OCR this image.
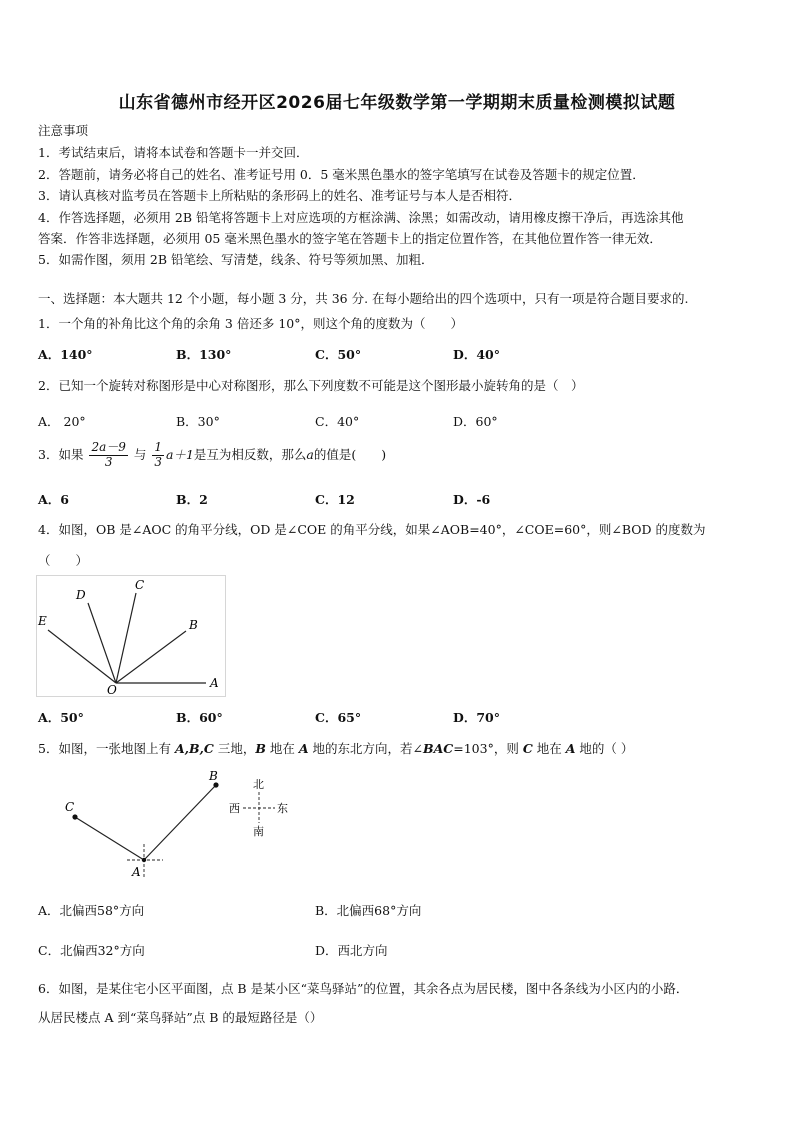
山东省德州市经开区2026届七年级数学第一学期期末质量检测模拟试题
注意事项
1．考试结束后，请将本试卷和答题卡一并交回．
2．答题前，请务必将自己的姓名、准考证号用 0．5 毫米黑色墨水的签字笔填写在试卷及答题卡的规定位置．
3．请认真核对监考员在答题卡上所粘贴的条形码上的姓名、准考证号与本人是否相符．
4．作答选择题，必须用 2B 铅笔将答题卡上对应选项的方框涂满、涂黑；如需改动，请用橡皮擦干净后，再选涂其他
答案．作答非选择题，必须用 05 毫米黑色墨水的签字笔在答题卡上的指定位置作答，在其他位置作答一律无效．
5．如需作图，须用 2B 铅笔绘、写清楚，线条、符号等须加黑、加粗．
一、选择题：本大题共 12 个小题，每小题 3 分，共 36 分. 在每小题给出的四个选项中，只有一项是符合题目要求的.
1．一个角的补角比这个角的余角 3 倍还多 10°，则这个角的度数为（　　）
A．140°	B．130°	C．50°	D．40°
2．已知一个旋转对称图形是中心对称图形，那么下列度数不可能是这个图形最小旋转角的是（　）
A． 20°	B．30°	C．40°	D．60°
3．如果 $\frac{2a-9}{3}$ 与 $\frac{1}{3} a+1$是互为相反数，那么a的值是(　　)
A．6	B．2	C．12	D．-6
4．如图，OB 是∠AOC 的角平分线，OD 是∠COE 的角平分线，如果∠AOB=40°，∠COE=60°，则∠BOD 的度数为
（　　）
D
C
E	B
O	A
A．50°	B．60°	C．65°	D．70°
5．如图，一张地图上有 A,B,C 三地，B 地在 A 地的东北方向，若∠BAC=103°，则 C 地在 A 地的（ ）
B
C
A
北
南
西	东
A．北偏西58°方向	B．北偏西68°方向
C．北偏西32°方向	D．西北方向
6．如图，是某住宅小区平面图，点 B 是某小区“菜鸟驿站”的位置，其余各点为居民楼，图中各条线为小区内的小路．
从居民楼点 A 到“菜鸟驿站”点 B 的最短路径是（）
